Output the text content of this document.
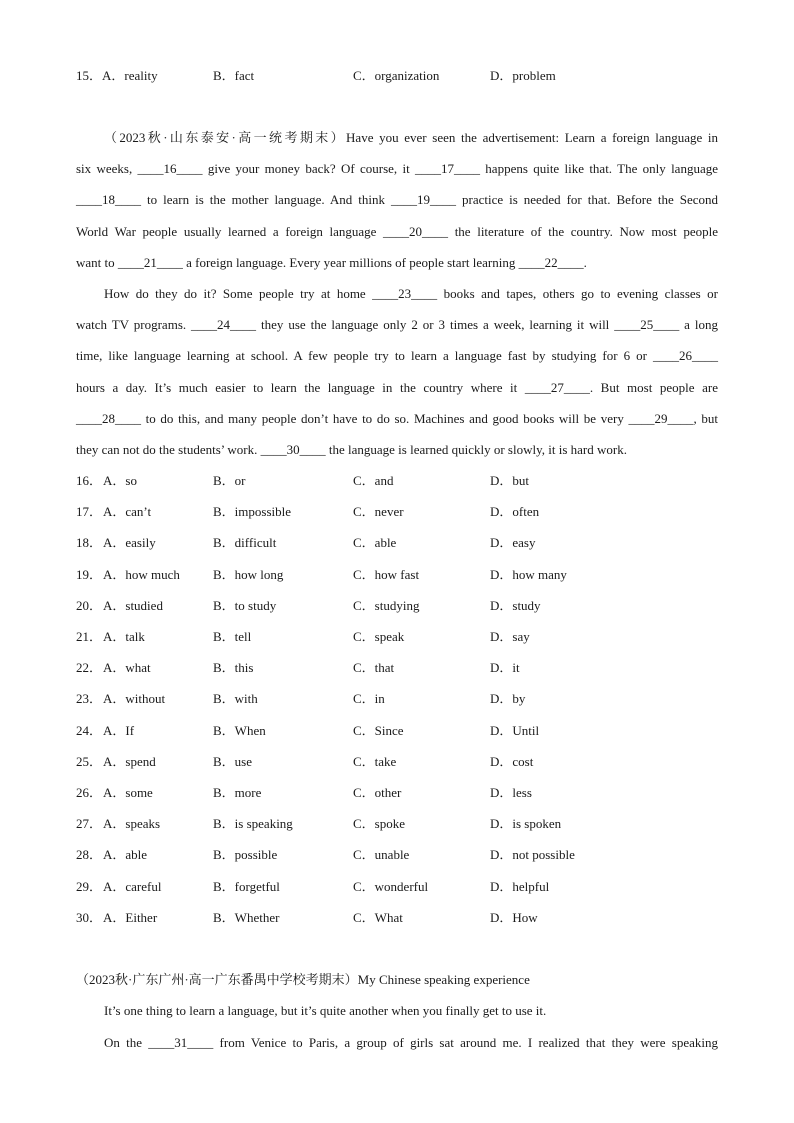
15．A．reality	B．fact	C．organization	D．problem
（2023秋·山东泰安·高一统考期末）Have you ever seen the advertisement: Learn a foreign language in
six weeks, ____16____ give your money back? Of course, it ____17____ happens quite like that. The only language
____18____ to learn is the mother language. And think ____19____ practice is needed for that. Before the Second
World War people usually learned a foreign language ____20____ the literature of the country. Now most people
want to ____21____ a foreign language. Every year millions of people start learning ____22____.
How do they do it? Some people try at home ____23____ books and tapes, others go to evening classes or
watch TV programs. ____24____ they use the language only 2 or 3 times a week, learning it will ____25____ a long
time, like language learning at school. A few people try to learn a language fast by studying for 6 or ____26____
hours a day. It’s much easier to learn the language in the country where it ____27____. But most people are
____28____ to do this, and many people don’t have to do so. Machines and good books will be very ____29____, but
they can not do the students’ work. ____30____ the language is learned quickly or slowly, it is hard work.
16． A．so	B．or	C．and	D．but
17． A．can’t	B．impossible	C．never	D．often
18． A．easily	B．difficult	C．able	D．easy
19． A．how much	B．how long	C．how fast	D．how many
20． A．studied	B．to study	C．studying	D．study
21． A．talk	B．tell	C．speak	D．say
22． A．what	B．this	C．that	D．it
23． A．without	B．with	C．in	D．by
24． A．If	B．When	C．Since	D．Until
25． A．spend	B．use	C．take	D．cost
26． A．some	B．more	C．other	D．less
27． A．speaks	B．is speaking	C．spoke	D．is spoken
28． A．able	B．possible	C．unable	D．not possible
29． A．careful	B．forgetful	C．wonderful	D．helpful
30． A．Either	B．Whether	C．What	D．How
（2023秋·广东广州·高一广东番禺中学校考期末）My Chinese speaking experience
It’s one thing to learn a language, but it’s quite another when you finally get to use it.
On the ____31____ from Venice to Paris, a group of girls sat around me. I realized that they were speaking
